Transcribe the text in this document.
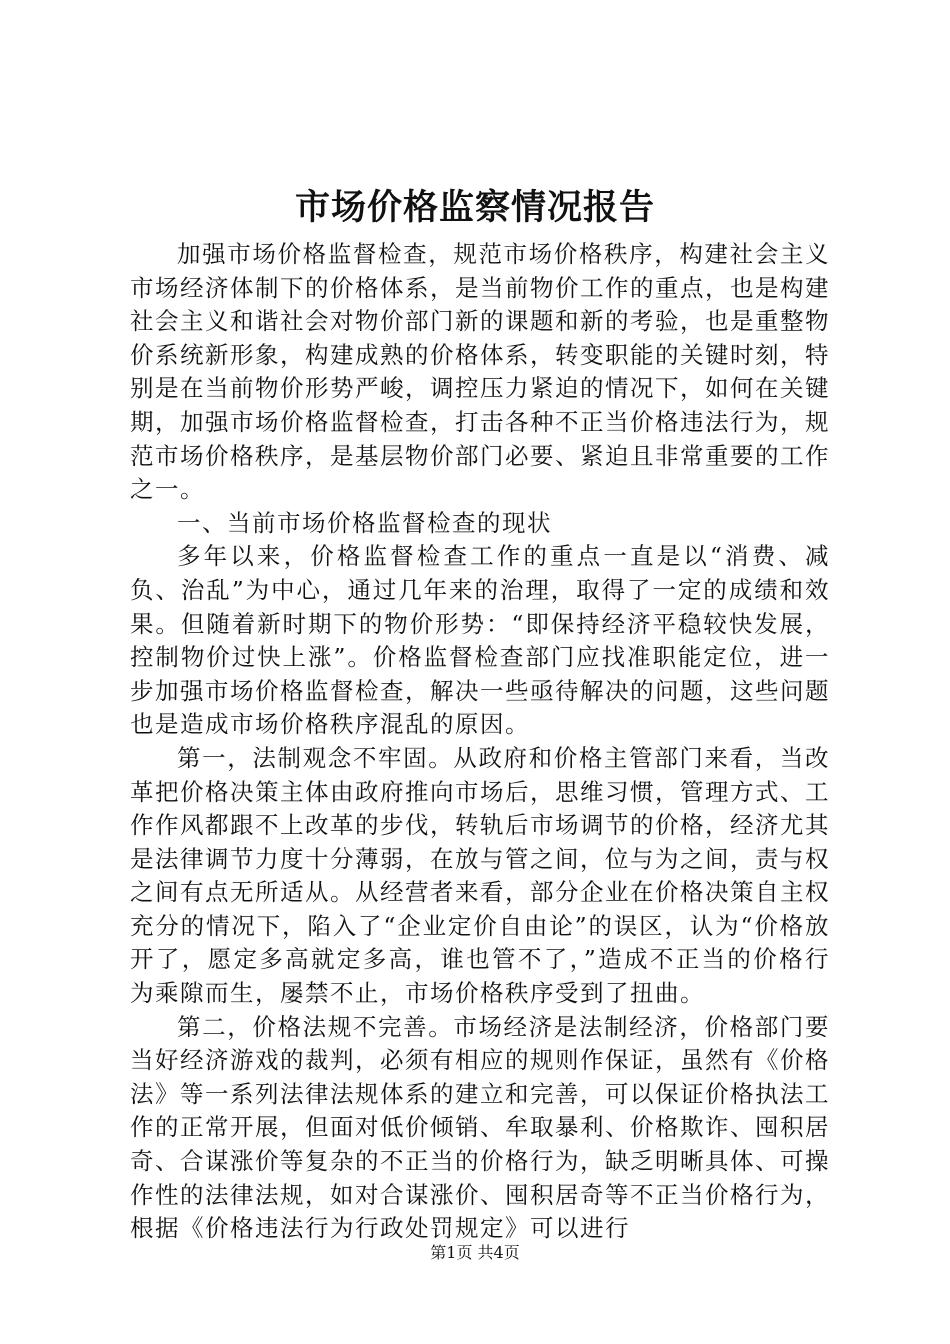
市场价格监察情况报告

加强市场价格监督检查，规范市场价格秩序，构建社会主义市场经济体制下的价格体系，是当前物价工作的重点，也是构建社会主义和谐社会对物价部门新的课题和新的考验，也是重整物价系统新形象，构建成熟的价格体系，转变职能的关键时刻，特别是在当前物价形势严峻，调控压力紧迫的情况下，如何在关键期，加强市场价格监督检查，打击各种不正当价格违法行为，规范市场价格秩序，是基层物价部门必要、紧迫且非常重要的工作之一。

一、当前市场价格监督检查的现状

多年以来，价格监督检查工作的重点一直是以“消费、减负、治乱”为中心，通过几年来的治理，取得了一定的成绩和效果。但随着新时期下的物价形势：“即保持经济平稳较快发展，控制物价过快上涨”。价格监督检查部门应找准职能定位，进一步加强市场价格监督检查，解决一些亟待解决的问题，这些问题也是造成市场价格秩序混乱的原因。

第一，法制观念不牢固。从政府和价格主管部门来看，当改革把价格决策主体由政府推向市场后，思维习惯，管理方式、工作作风都跟不上改革的步伐，转轨后市场调节的价格，经济尤其是法律调节力度十分薄弱，在放与管之间，位与为之间，责与权之间有点无所适从。从经营者来看，部分企业在价格决策自主权充分的情况下，陷入了“企业定价自由论”的误区，认为“价格放开了，愿定多高就定多高，谁也管不了，”造成不正当的价格行为乘隙而生，屡禁不止，市场价格秩序受到了扭曲。

第二，价格法规不完善。市场经济是法制经济，价格部门要当好经济游戏的裁判，必须有相应的规则作保证，虽然有《价格法》等一系列法律法规体系的建立和完善，可以保证价格执法工作的正常开展，但面对低价倾销、牟取暴利、价格欺诈、囤积居奇、合谋涨价等复杂的不正当的价格行为，缺乏明晰具体、可操作性的法律法规，如对合谋涨价、囤积居奇等不正当价格行为，根据《价格违法行为行政处罚规定》可以进行

第1页 共4页
